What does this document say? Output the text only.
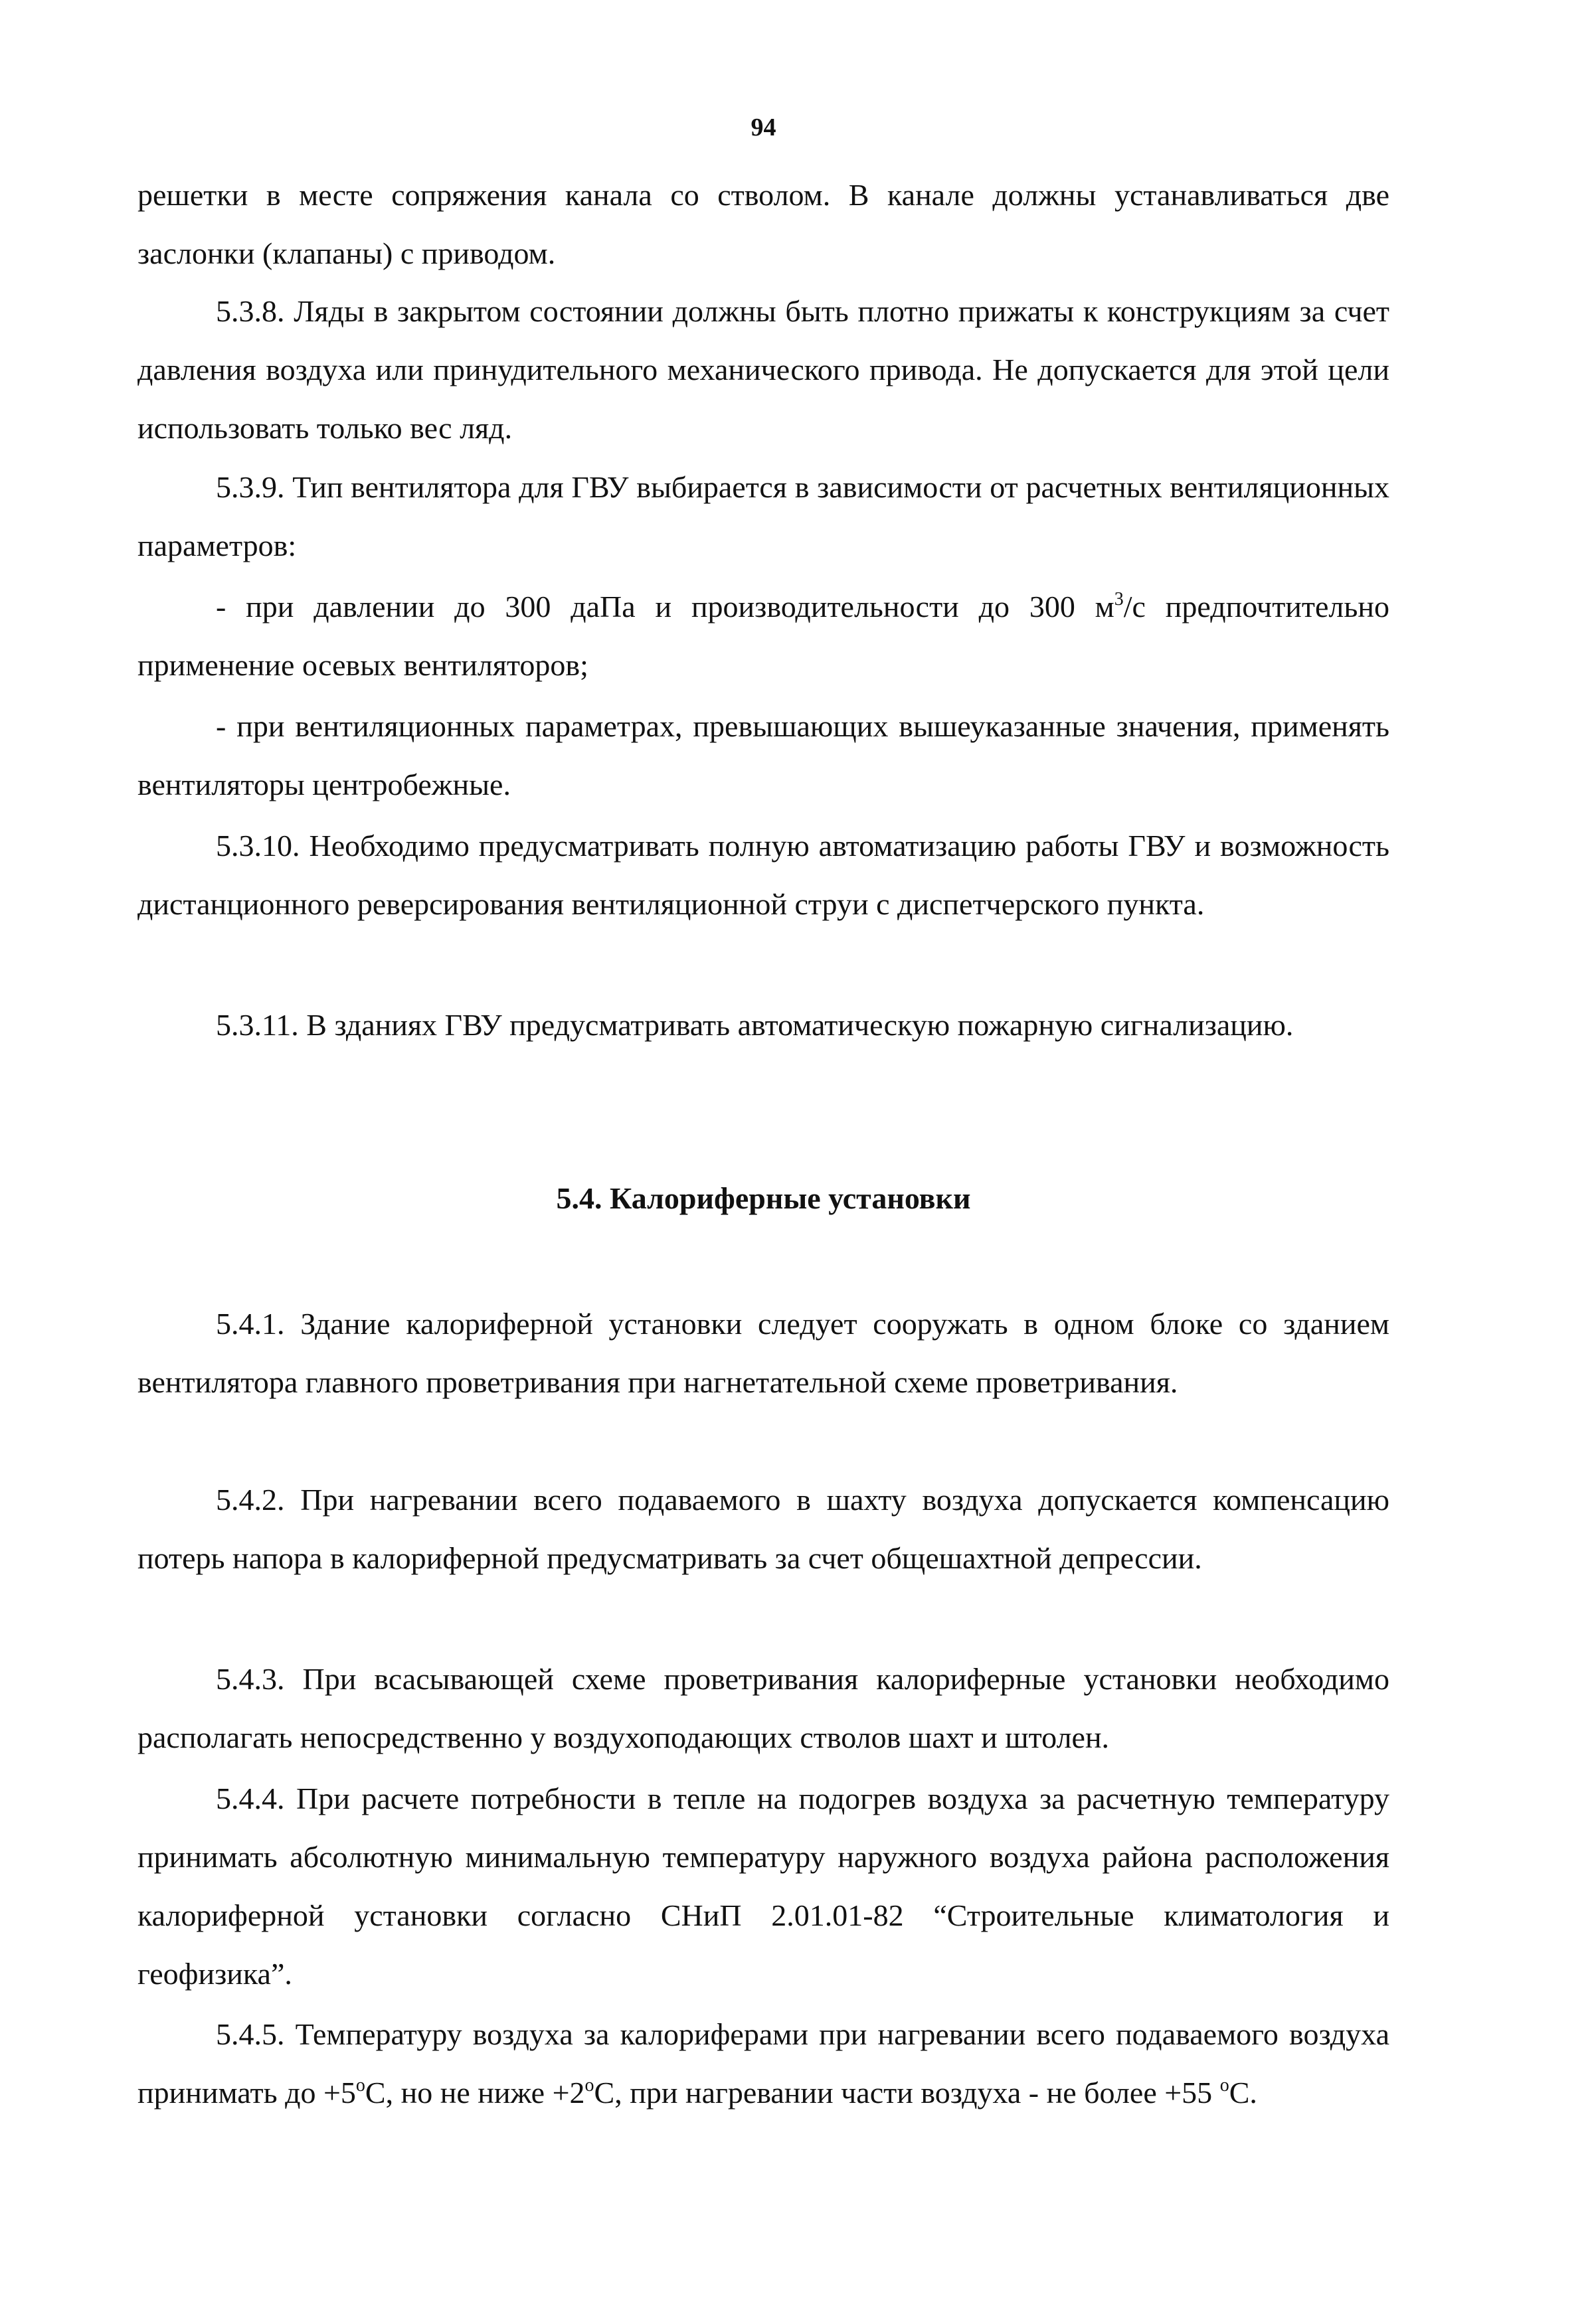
94

решетки в месте сопряжения канала со стволом. В канале должны устанавливаться две заслонки (клапаны) с приводом.

5.3.8. Ляды в закрытом состоянии должны быть плотно прижаты к конструкциям за счет давления воздуха или принудительного механического привода. Не допускается для этой цели использовать только вес ляд.

5.3.9. Тип вентилятора для ГВУ выбирается в зависимости от расчетных вентиляционных параметров:

- при давлении до 300 даПа и производительности до 300 $м^3/с$ предпочтительно применение осевых вентиляторов;

- при вентиляционных параметрах, превышающих вышеуказанные значения, применять вентиляторы центробежные.

5.3.10. Необходимо предусматривать полную автоматизацию работы ГВУ и возможность дистанционного реверсирования вентиляционной струи с диспетчерского пункта.

5.3.11. В зданиях ГВУ предусматривать автоматическую пожарную сигнализацию.

5.4. Калориферные установки

5.4.1. Здание калориферной установки следует сооружать в одном блоке со зданием вентилятора главного проветривания при нагнетательной схеме проветривания.

5.4.2. При нагревании всего подаваемого в шахту воздуха допускается компенсацию потерь напора в калориферной предусматривать за счет общешахтной депрессии.

5.4.3. При всасывающей схеме проветривания калориферные установки необходимо располагать непосредственно у воздухоподающих стволов шахт и штолен.

5.4.4. При расчете потребности в тепле на подогрев воздуха за расчетную температуру принимать абсолютную минимальную температуру наружного воздуха района расположения калориферной установки согласно СНиП 2.01.01-82 “Строительные климатология и геофизика”.

5.4.5. Температуру воздуха за калориферами при нагревании всего подаваемого воздуха принимать до $+5^oС$, но не ниже $+2^oС$, при нагревании части воздуха - не более +55 $^o$С.
